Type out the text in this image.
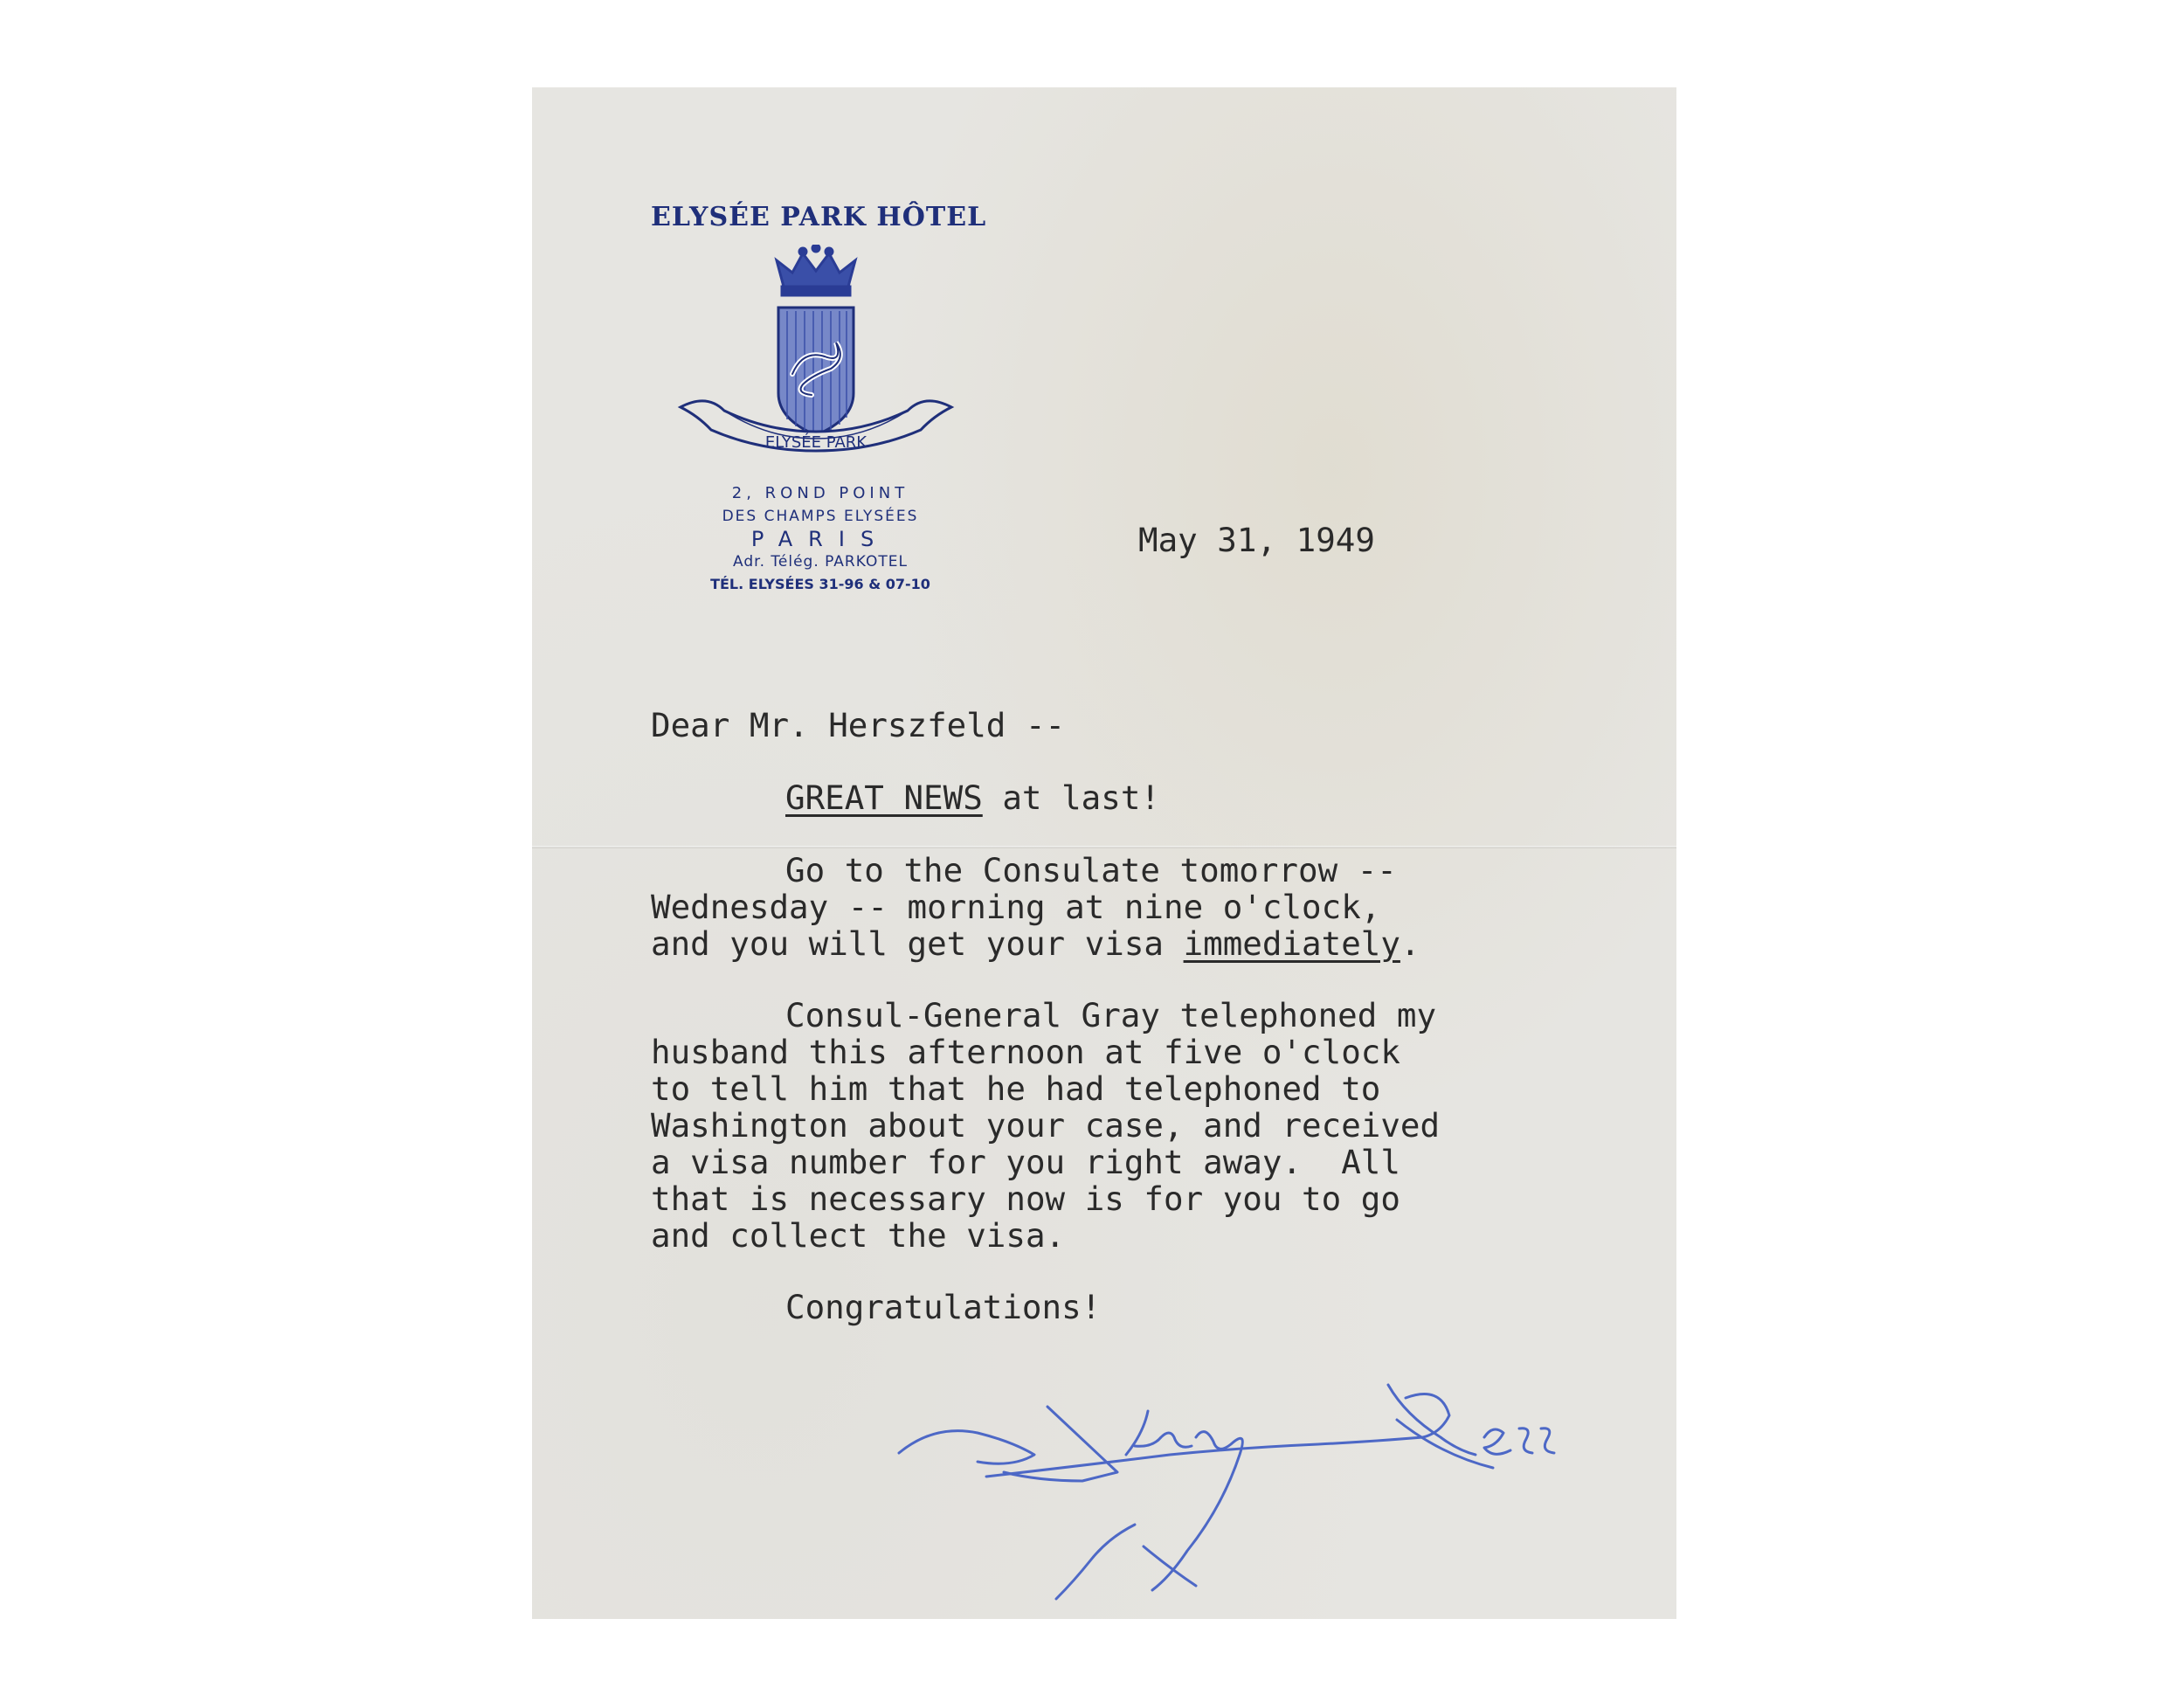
ELYSÉE PARK HÔTEL
ELYSÉE PARK
2, ROND POINT
DES CHAMPS ELYSÉES
PARIS
Adr. Télég. PARKOTEL
TÉL. ELYSÉES 31-96 & 07-10
May 31, 1949
Dear Mr. Herszfeld --
GREAT NEWS at last!
Go to the Consulate tomorrow --
Wednesday -- morning at nine o'clock,
and you will get your visa immediately.
Consul-General Gray telephoned my
husband this afternoon at five o'clock
to tell him that he had telephoned to
Washington about your case, and received
a visa number for you right away.  All
that is necessary now is for you to go
and collect the visa.
Congratulations!
